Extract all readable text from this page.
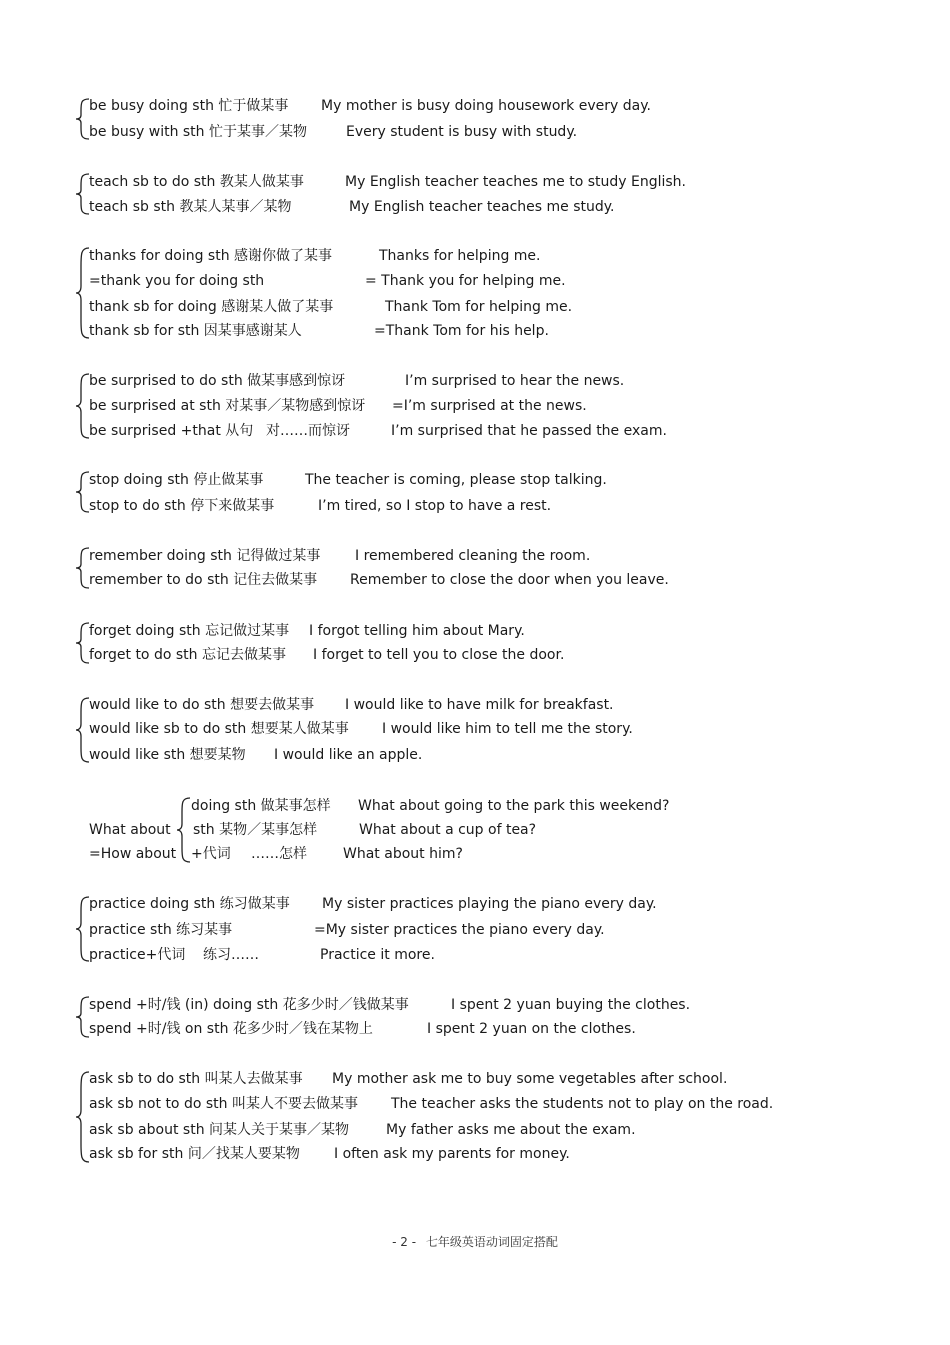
be busy doing sth 忙于做某事 My mother is busy doing housework every day.
be busy with sth 忙于某事／某物	Every student is busy with study.
teach sb to do sth 教某人做某事	My English teacher teaches me to study English.
teach sb sth 教某人某事／某物	My English teacher teaches me study.
thanks for doing sth 感谢你做了某事	Thanks for helping me.
=thank you for doing sth	= Thank you for helping me.
thank sb for doing 感谢某人做了某事	Thank Tom for helping me.
thank sb for sth 因某事感谢某人	=Thank Tom for his help.
be surprised to do sth 做某事感到惊讶	I’m surprised to hear the news.
be surprised at sth 对某事／某物感到惊讶 =I’m surprised at the news.
be surprised +that 从句 对……而惊讶	I’m surprised that he passed the exam.
stop doing sth 停止做某事	The teacher is coming, please stop talking.
stop to do sth 停下来做某事	I’m tired, so I stop to have a rest.
remember doing sth 记得做过某事 I remembered cleaning the room.
remember to do sth 记住去做某事 Remember to close the door when you leave.
forget doing sth 忘记做过某事 I forgot telling him about Mary.
forget to do sth 忘记去做某事 I forget to tell you to close the door.
would like to do sth 想要去做某事 I would like to have milk for breakfast.
would like sb to do sth 想要某人做某事 I would like him to tell me the story.
would like sth 想要某物 I would like an apple.
What about
=How about
doing sth 做某事怎样 What about going to the park this weekend?
sth 某物／某事怎样	What about a cup of tea?
+代词 ……怎样	What about him?
practice doing sth 练习做某事 My sister practices playing the piano every day.
practice sth 练习某事	=My sister practices the piano every day.
practice+代词 练习……	Practice it more.
spend +时/钱 (in) doing sth 花多少时／钱做某事	I spent 2 yuan buying the clothes.
spend +时/钱 on sth 花多少时／钱在某物上	I spent 2 yuan on the clothes.
ask sb to do sth 叫某人去做某事 My mother ask me to buy some vegetables after school.
ask sb not to do sth 叫某人不要去做某事 The teacher asks the students not to play on the road.
ask sb about sth 问某人关于某事／某物	My father asks me about the exam.
ask sb for sth 问／找某人要某物 I often ask my parents for money.
- 2 - 七年级英语动词固定搭配
